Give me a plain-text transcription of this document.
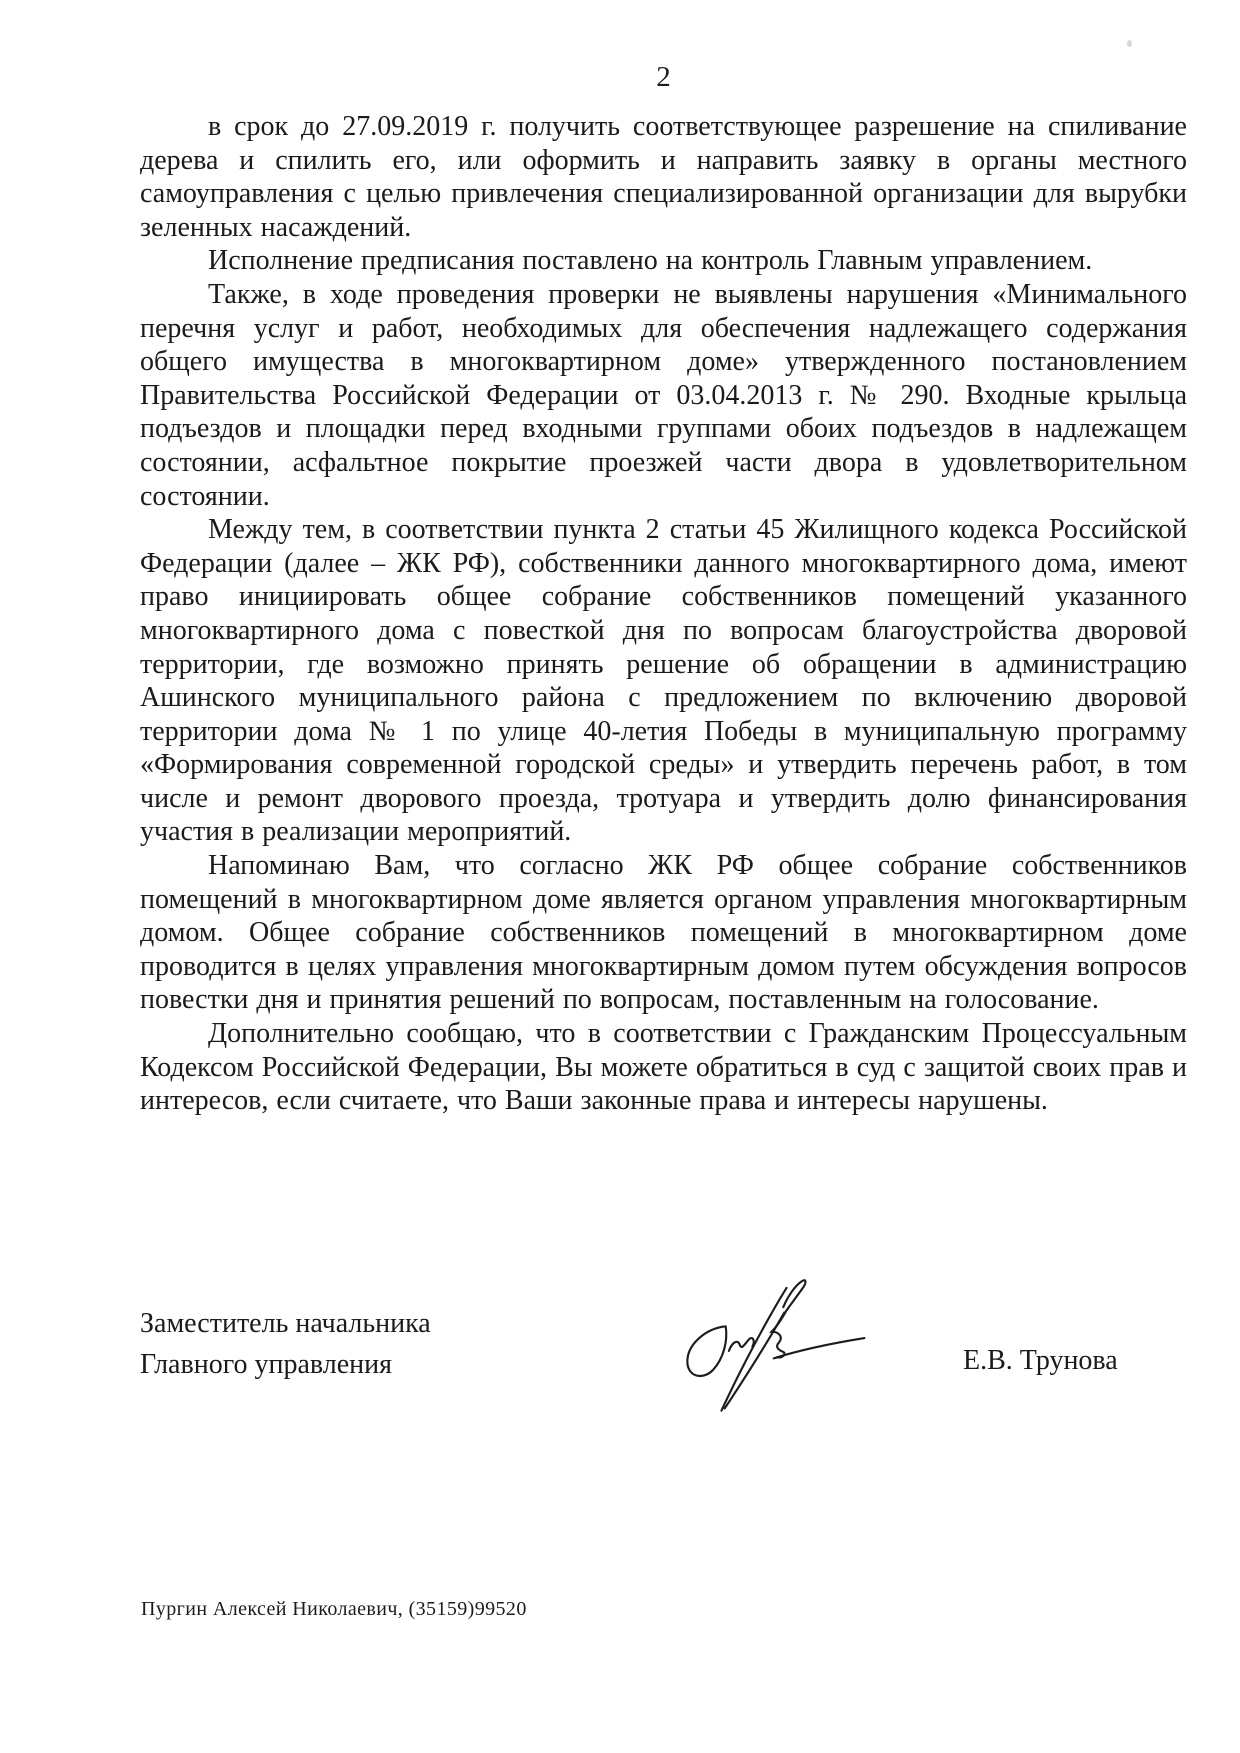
2

в срок до 27.09.2019 г. получить соответствующее разрешение на спиливание дерева и спилить его, или оформить и направить заявку в органы местного самоуправления с целью привлечения специализированной организации для вырубки зеленных насаждений.

Исполнение предписания поставлено на контроль Главным управлением.

Также, в ходе проведения проверки не выявлены нарушения «Минимального перечня услуг и работ, необходимых для обеспечения надлежащего содержания общего имущества в многоквартирном доме» утвержденного постановлением Правительства Российской Федерации от 03.04.2013 г. № 290. Входные крыльца подъездов и площадки перед входными группами обоих подъездов в надлежащем состоянии, асфальтное покрытие проезжей части двора в удовлетворительном состоянии.

Между тем, в соответствии пункта 2 статьи 45 Жилищного кодекса Российской Федерации (далее – ЖК РФ), собственники данного многоквартирного дома, имеют право инициировать общее собрание собственников помещений указанного многоквартирного дома с повесткой дня по вопросам благоустройства дворовой территории, где возможно принять решение об обращении в администрацию Ашинского муниципального района с предложением по включению дворовой территории дома № 1 по улице 40-летия Победы в муниципальную программу «Формирования современной городской среды» и утвердить перечень работ, в том числе и ремонт дворового проезда, тротуара и утвердить долю финансирования участия в реализации мероприятий.

Напоминаю Вам, что согласно ЖК РФ общее собрание собственников помещений в многоквартирном доме является органом управления многоквартирным домом. Общее собрание собственников помещений в многоквартирном доме проводится в целях управления многоквартирным домом путем обсуждения вопросов повестки дня и принятия решений по вопросам, поставленным на голосование.

Дополнительно сообщаю, что в соответствии с Гражданским Процессуальным Кодексом Российской Федерации, Вы можете обратиться в суд с защитой своих прав и интересов, если считаете, что Ваши законные права и интересы нарушены.

Заместитель начальника
Главного управления	Е.В. Трунова
Пургин Алексей Николаевич, (35159)99520
